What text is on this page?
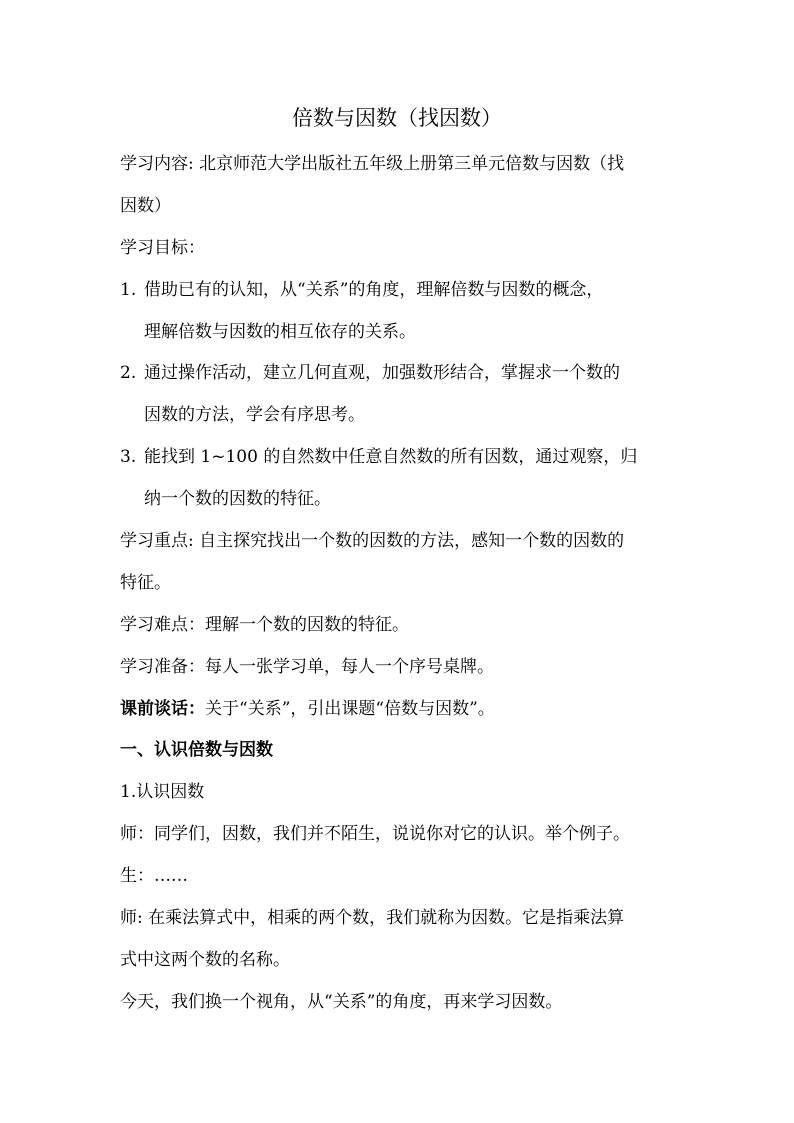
倍数与因数（找因数）

学习内容: 北京师范大学出版社五年级上册第三单元倍数与因数（找

因数）

学习目标：

1. 借助已有的认知，从“关系”的角度，理解倍数与因数的概念，

理解倍数与因数的相互依存的关系。

2. 通过操作活动，建立几何直观，加强数形结合，掌握求一个数的

因数的方法，学会有序思考。

3. 能找到 1~100 的自然数中任意自然数的所有因数，通过观察，归

纳一个数的因数的特征。

学习重点: 自主探究找出一个数的因数的方法，感知一个数的因数的

特征。

学习难点：理解一个数的因数的特征。

学习准备：每人一张学习单，每人一个序号桌牌。

课前谈话：关于“关系”，引出课题“倍数与因数”。

一、认识倍数与因数

1.认识因数

师：同学们，因数，我们并不陌生，说说你对它的认识。举个例子。

生：……

师: 在乘法算式中，相乘的两个数，我们就称为因数。它是指乘法算

式中这两个数的名称。

今天，我们换一个视角，从“关系”的角度，再来学习因数。
